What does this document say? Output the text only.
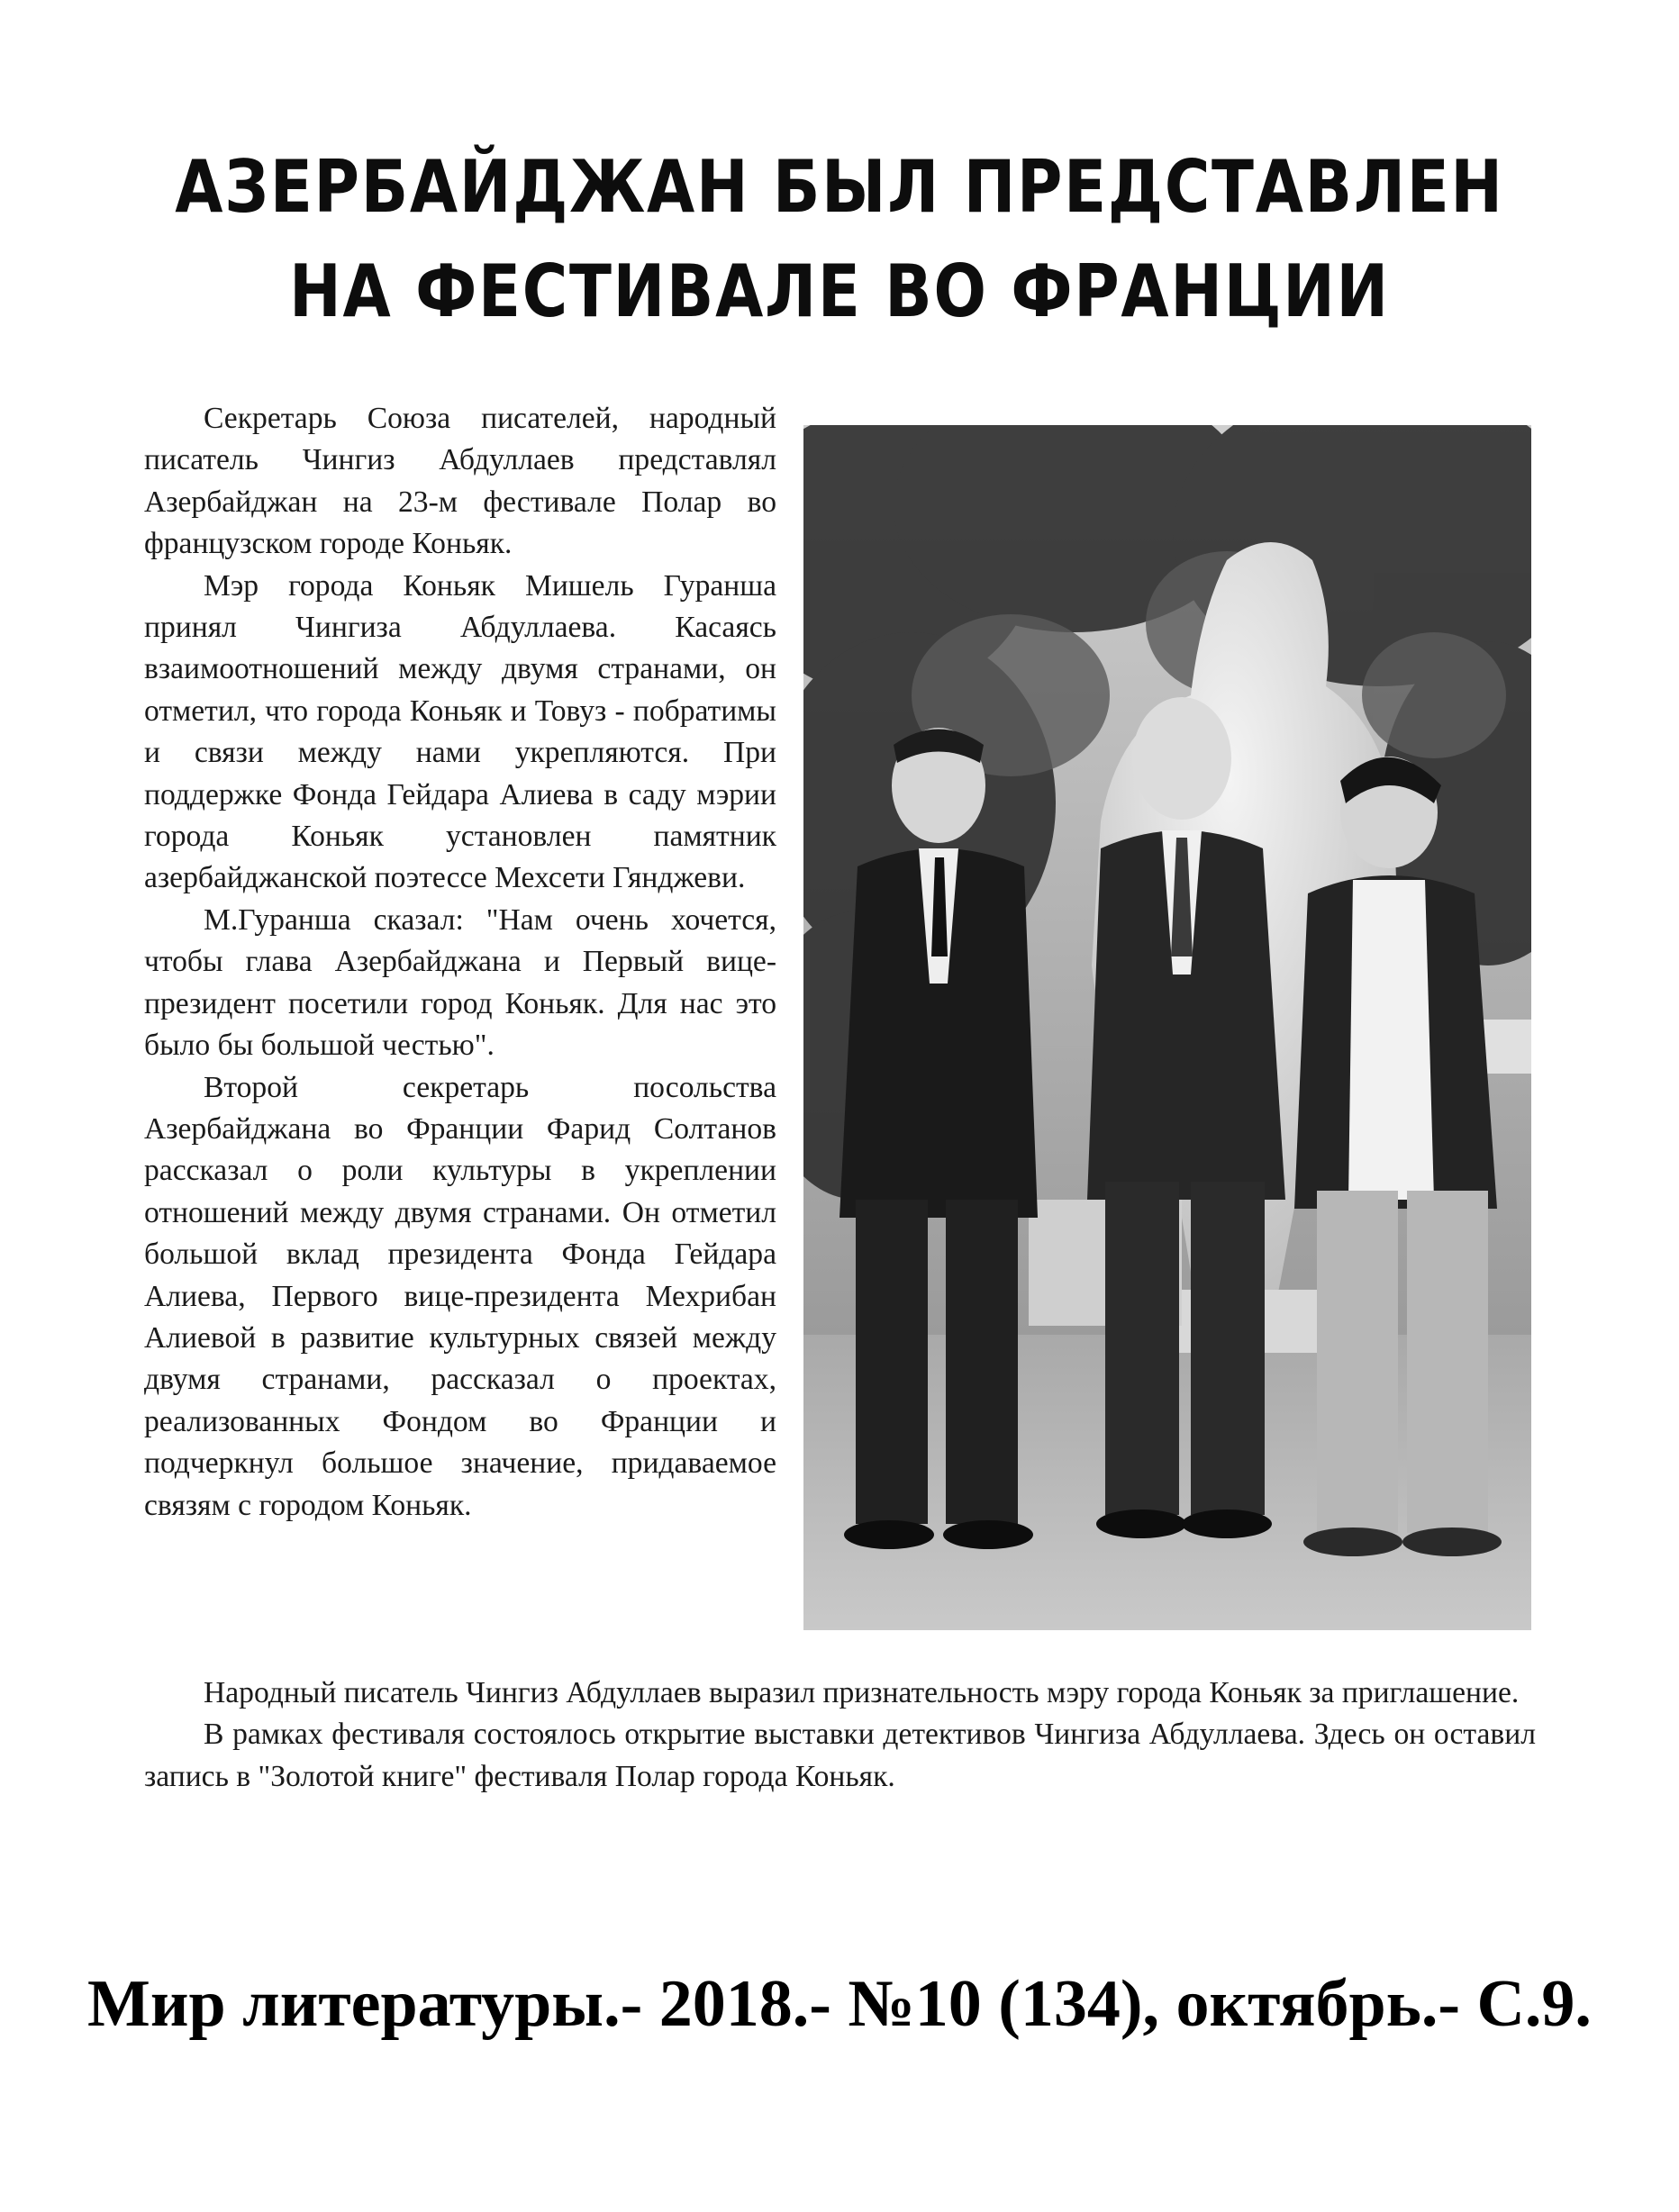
АЗЕРБАЙДЖАН БЫЛ ПРЕДСТАВЛЕН
НА ФЕСТИВАЛЕ ВО ФРАНЦИИ

Секретарь Союза писателей, народный писатель Чингиз Абдуллаев представлял Азербайджан на 23-м фестивале Полар во французском городе Коньяк.

Мэр города Коньяк Мишель Гуранша принял Чингиза Абдуллаева. Касаясь взаимоотношений между двумя странами, он отметил, что города Коньяк и Товуз - побратимы и связи между нами укрепляются. При поддержке Фонда Гейдара Алиева в саду мэрии города Коньяк установлен памятник азербайджанской поэтессе Мехсети Гянджеви.

М.Гуранша сказал: "Нам очень хочется, чтобы глава Азербайджана и Первый вице-президент посетили город Коньяк. Для нас это было бы большой честью".

Второй секретарь посольства Азербайджана во Франции Фарид Солтанов рассказал о роли культуры в укреплении отношений между двумя странами. Он отметил большой вклад президента Фонда Гейдара Алиева, Первого вице-президента Мехрибан Алиевой в развитие культурных связей между двумя странами, рассказал о проектах, реализованных Фондом во Франции и подчеркнул большое значение, придаваемое связям с городом Коньяк.

Народный писатель Чингиз Абдуллаев выразил признательность мэру города Коньяк за приглашение.

В рамках фестиваля состоялось открытие выставки детективов Чингиза Абдуллаева. Здесь он оставил запись в "Золотой книге" фестиваля Полар города Коньяк.

Мир литературы.- 2018.- №10 (134), октябрь.- С.9.
